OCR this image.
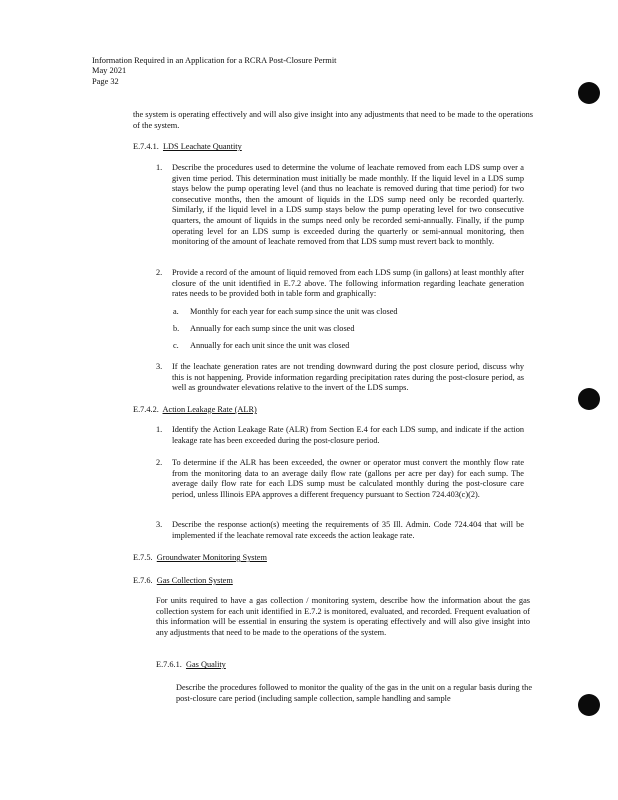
Information Required in an Application for a RCRA Post-Closure Permit
May 2021
Page 32
the system is operating effectively and will also give insight into any adjustments that need to be made to the operations of the system.
E.7.4.1. LDS Leachate Quantity
1. Describe the procedures used to determine the volume of leachate removed from each LDS sump over a given time period. This determination must initially be made monthly. If the liquid level in a LDS sump stays below the pump operating level (and thus no leachate is removed during that time period) for two consecutive months, then the amount of liquids in the LDS sump need only be recorded quarterly. Similarly, if the liquid level in a LDS sump stays below the pump operating level for two consecutive quarters, the amount of liquids in the sumps need only be recorded semi-annually. Finally, if the pump operating level for an LDS sump is exceeded during the quarterly or semi-annual monitoring, then monitoring of the amount of leachate removed from that LDS sump must revert back to monthly.
2. Provide a record of the amount of liquid removed from each LDS sump (in gallons) at least monthly after closure of the unit identified in E.7.2 above. The following information regarding leachate generation rates needs to be provided both in table form and graphically:
a. Monthly for each year for each sump since the unit was closed
b. Annually for each sump since the unit was closed
c. Annually for each unit since the unit was closed
3. If the leachate generation rates are not trending downward during the post closure period, discuss why this is not happening. Provide information regarding precipitation rates during the post-closure period, as well as groundwater elevations relative to the invert of the LDS sumps.
E.7.4.2. Action Leakage Rate (ALR)
1. Identify the Action Leakage Rate (ALR) from Section E.4 for each LDS sump, and indicate if the action leakage rate has been exceeded during the post-closure period.
2. To determine if the ALR has been exceeded, the owner or operator must convert the monthly flow rate from the monitoring data to an average daily flow rate (gallons per acre per day) for each sump. The average daily flow rate for each LDS sump must be calculated monthly during the post-closure care period, unless Illinois EPA approves a different frequency pursuant to Section 724.403(c)(2).
3. Describe the response action(s) meeting the requirements of 35 Ill. Admin. Code 724.404 that will be implemented if the leachate removal rate exceeds the action leakage rate.
E.7.5. Groundwater Monitoring System
E.7.6. Gas Collection System
For units required to have a gas collection / monitoring system, describe how the information about the gas collection system for each unit identified in E.7.2 is monitored, evaluated, and recorded. Frequent evaluation of this information will be essential in ensuring the system is operating effectively and will also give insight into any adjustments that need to be made to the operations of the system.
E.7.6.1. Gas Quality
Describe the procedures followed to monitor the quality of the gas in the unit on a regular basis during the post-closure care period (including sample collection, sample handling and sample
